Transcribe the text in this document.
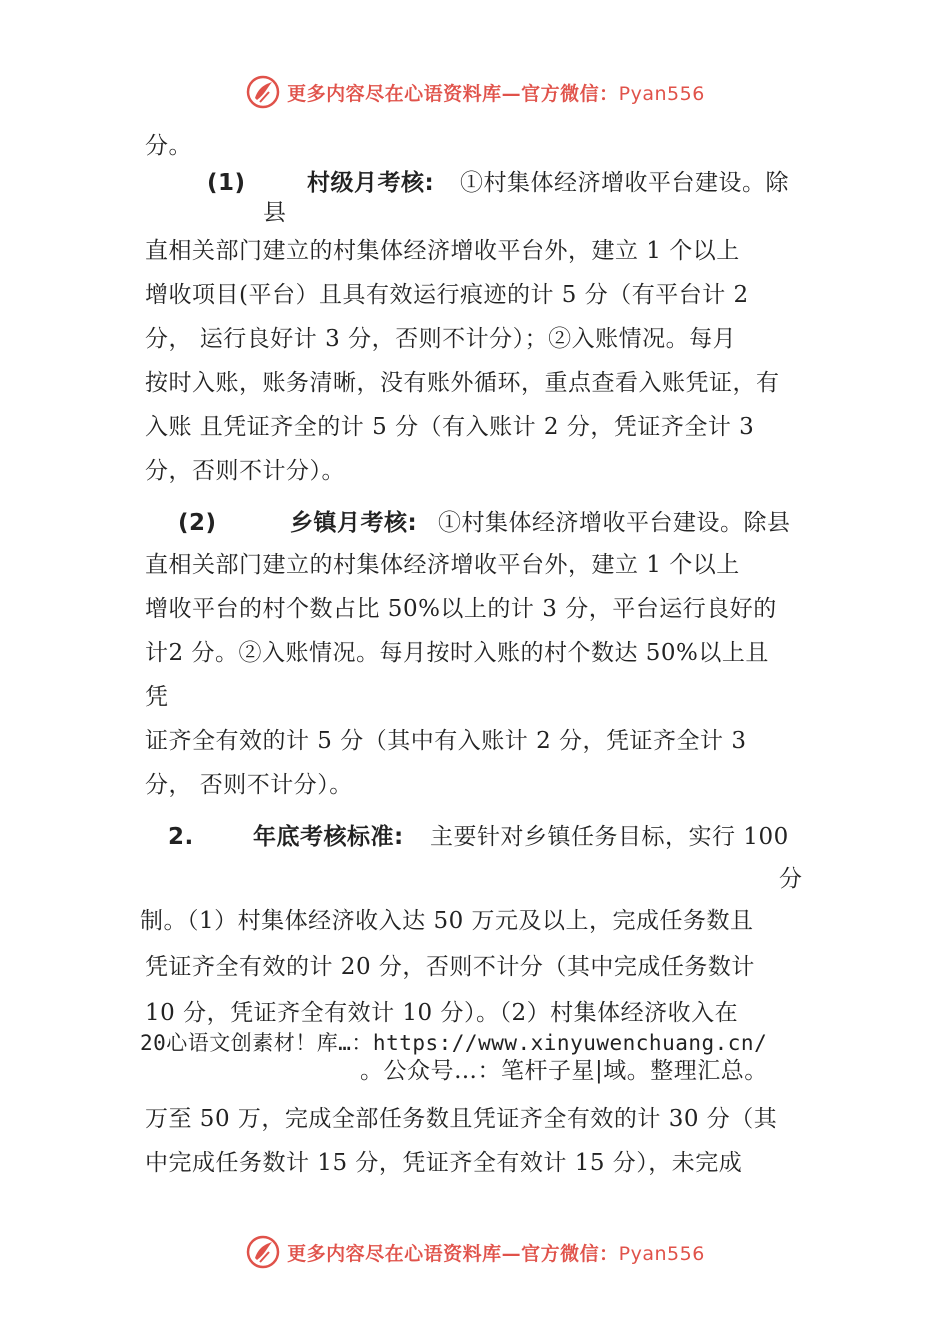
更多内容尽在心语资料库—官方微信：Pyan556
分。
(1)	村级月考核: ①村集体经济增收平台建设。除
县
直相关部门建立的村集体经济增收平台外，建立 1 个以上
增收项目(平台）且具有效运行痕迹的计 5 分（有平台计 2
分， 运行良好计 3 分，否则不计分）；②入账情况。每月
按时入账，账务清晰，没有账外循环，重点查看入账凭证，有
入账 且凭证齐全的计 5 分（有入账计 2 分，凭证齐全计 3
分，否则不计分）。
(2)	乡镇月考核: ①村集体经济增收平台建设。除县
直相关部门建立的村集体经济增收平台外，建立 1 个以上
增收平台的村个数占比 50%以上的计 3 分，平台运行良好的
计2 分。②入账情况。每月按时入账的村个数达 50%以上且
凭
证齐全有效的计 5 分（其中有入账计 2 分，凭证齐全计 3
分， 否则不计分）。
2.	年底考核标准: 主要针对乡镇任务目标，实行 100
分
制。（1）村集体经济收入达 50 万元及以上，完成任务数且
凭证齐全有效的计 20 分，否则不计分（其中完成任务数计
10 分，凭证齐全有效计 10 分）。（2）村集体经济收入在
20心语文创素材！库…：https://www.xinyuwenchuang.cn/
。公众号…：笔杆子星|域。整理汇总。
万至 50 万，完成全部任务数且凭证齐全有效的计 30 分（其
中完成任务数计 15 分，凭证齐全有效计 15 分），未完成
更多内容尽在心语资料库—官方微信：Pyan556
